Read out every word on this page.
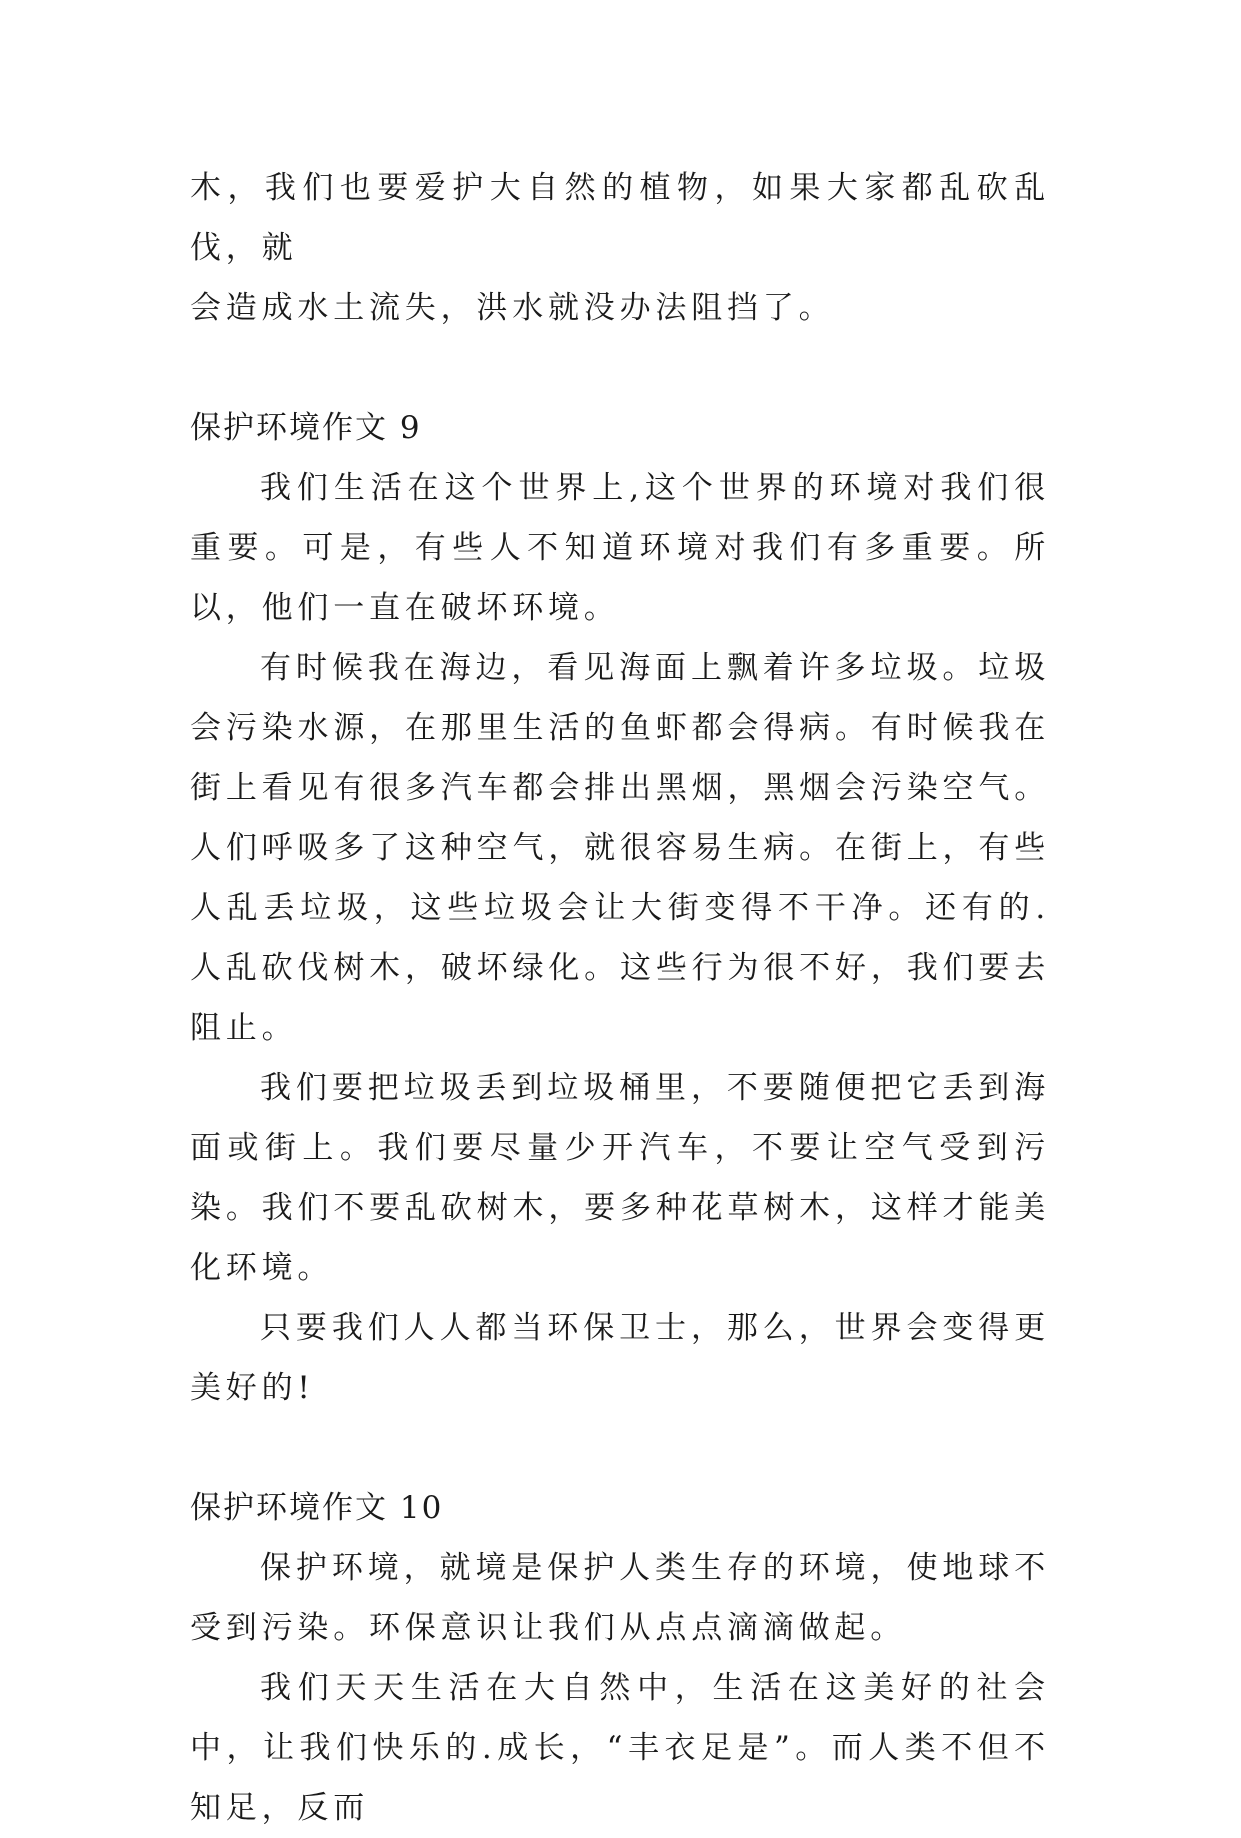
木，我们也要爱护大自然的植物，如果大家都乱砍乱伐，就

会造成水土流失，洪水就没办法阻挡了。

保护环境作文 9

我们生活在这个世界上,这个世界的环境对我们很重要。可是，有些人不知道环境对我们有多重要。所以，他们一直在破坏环境。

有时候我在海边，看见海面上飘着许多垃圾。垃圾会污染水源，在那里生活的鱼虾都会得病。有时候我在街上看见有很多汽车都会排出黑烟，黑烟会污染空气。人们呼吸多了这种空气，就很容易生病。在街上，有些人乱丢垃圾，这些垃圾会让大街变得不干净。还有的.人乱砍伐树木，破坏绿化。这些行为很不好，我们要去阻止。

我们要把垃圾丢到垃圾桶里，不要随便把它丢到海面或街上。我们要尽量少开汽车，不要让空气受到污染。我们不要乱砍树木，要多种花草树木，这样才能美化环境。

只要我们人人都当环保卫士，那么，世界会变得更美好的!

保护环境作文 10

保护环境，就境是保护人类生存的环境，使地球不受到污染。环保意识让我们从点点滴滴做起。

我们天天生活在大自然中，生活在这美好的社会中，让我们快乐的.成长，“丰衣足是”。而人类不但不知足，反而
